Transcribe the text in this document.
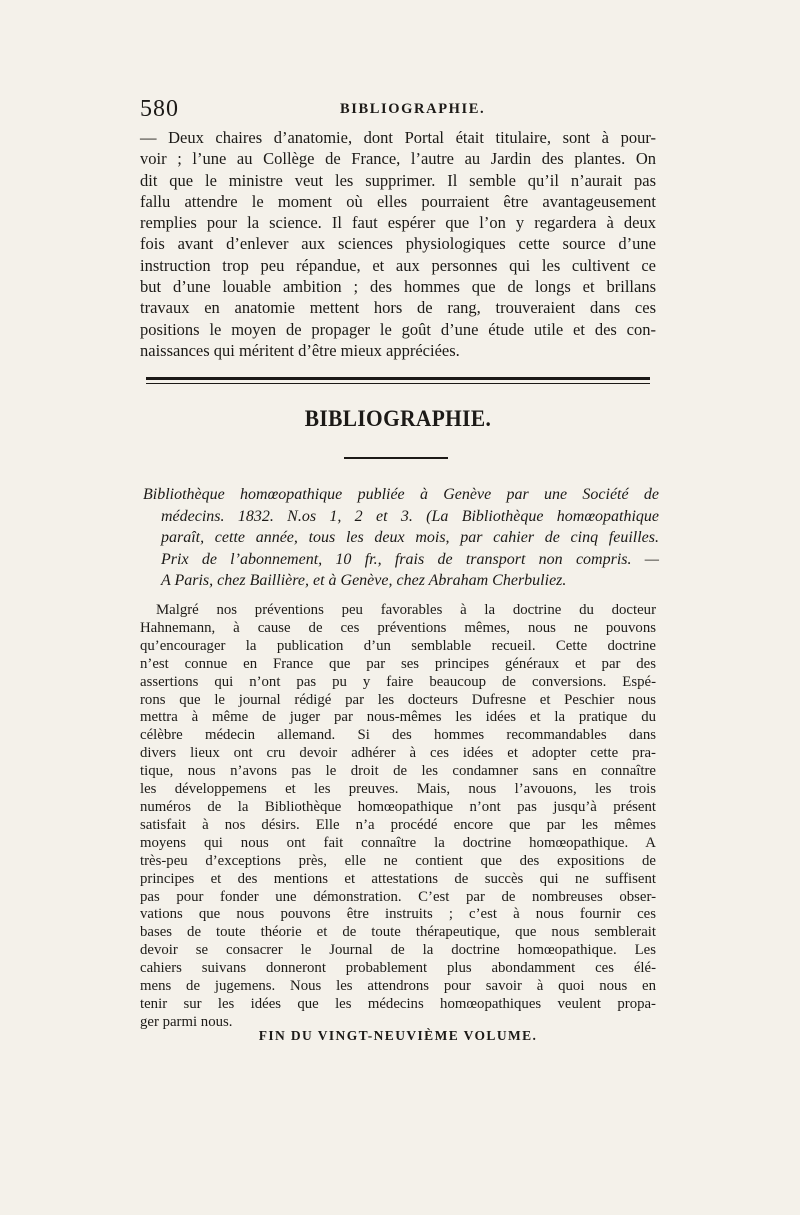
580	BIBLIOGRAPHIE.
— Deux chaires d’anatomie, dont Portal était titulaire, sont à pour-
voir ; l’une au Collège de France, l’autre au Jardin des plantes. On
dit que le ministre veut les supprimer. Il semble qu’il n’aurait pas
fallu attendre le moment où elles pourraient être avantageusement
remplies pour la science. Il faut espérer que l’on y regardera à deux
fois avant d’enlever aux sciences physiologiques cette source d’une
instruction trop peu répandue, et aux personnes qui les cultivent ce
but d’une louable ambition ; des hommes que de longs et brillans
travaux en anatomie mettent hors de rang, trouveraient dans ces
positions le moyen de propager le goût d’une étude utile et des con-
naissances qui méritent d’être mieux appréciées.
BIBLIOGRAPHIE.
Bibliothèque homœopathique publiée à Genève par une Société de
médecins. 1832. N.os 1, 2 et 3. (La Bibliothèque homœopathique
paraît, cette année, tous les deux mois, par cahier de cinq feuilles.
Prix de l’abonnement, 10 fr., frais de transport non compris. —
A Paris, chez Baillière, et à Genève, chez Abraham Cherbuliez.
Malgré nos préventions peu favorables à la doctrine du docteur
Hahnemann, à cause de ces préventions mêmes, nous ne pouvons
qu’encourager la publication d’un semblable recueil. Cette doctrine
n’est connue en France que par ses principes généraux et par des
assertions qui n’ont pas pu y faire beaucoup de conversions. Espé-
rons que le journal rédigé par les docteurs Dufresne et Peschier nous
mettra à même de juger par nous-mêmes les idées et la pratique du
célèbre médecin allemand. Si des hommes recommandables dans
divers lieux ont cru devoir adhérer à ces idées et adopter cette pra-
tique, nous n’avons pas le droit de les condamner sans en connaître
les développemens et les preuves. Mais, nous l’avouons, les trois
numéros de la Bibliothèque homœopathique n’ont pas jusqu’à présent
satisfait à nos désirs. Elle n’a procédé encore que par les mêmes
moyens qui nous ont fait connaître la doctrine homœopathique. A
très-peu d’exceptions près, elle ne contient que des expositions de
principes et des mentions et attestations de succès qui ne suffisent
pas pour fonder une démonstration. C’est par de nombreuses obser-
vations que nous pouvons être instruits ; c’est à nous fournir ces
bases de toute théorie et de toute thérapeutique, que nous semblerait
devoir se consacrer le Journal de la doctrine homœopathique. Les
cahiers suivans donneront probablement plus abondamment ces élé-
mens de jugemens. Nous les attendrons pour savoir à quoi nous en
tenir sur les idées que les médecins homœopathiques veulent propa-
ger parmi nous.
FIN DU VINGT-NEUVIÈME VOLUME.
